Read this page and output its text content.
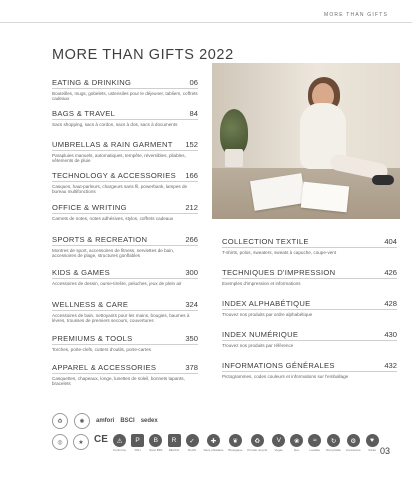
MORE THAN GIFTS
MORE THAN GIFTS 2022
EATING & DRINKING	06
Bouteilles, mugs, gobelets, ustensiles pour le déjeuner, tabliers, coffrets cadeaux
BAGS & TRAVEL	84
Sacs shopping, sacs à cordon, sacs à dos, sacs à documents
UMBRELLAS & RAIN GARMENT 152
Parapluies manuels, automatiques, tempête, réversibles, pliables, vêtements de pluie
TECHNOLOGY & ACCESSORIES 166
Casques, haut-parleurs, chargeurs sans fil, powerbank, lampes de bureau multifonctions
OFFICE & WRITING	212
Carnets de notes, notes adhésives, stylos, coffrets cadeaux
SPORTS & RECREATION	266
Montres de sport, accessoires de fitness, serviettes de bain, accessoires de plage, structures gonflables
KIDS & GAMES	300
Accessoires de dessin, ourse-tirelire, peluches, jeux de plein air
WELLNESS & CARE	324
Accessoires de bain, nettoyants pour les mains, bougies, baumes à lèvres, trousses de premiers secours, couvertures
PREMIUMS & TOOLS	350
Torches, porte-clefs, cutters d'outils, porte-cartes
APPAREL & ACCESSORIES	378
Casquettes, chapeaux, longe, lunettes de soleil, bonnets tapants, bracelets
COLLECTION TEXTILE	404
T-shirts, polos, sweaters, sweats à capuche, coupe-vent
TECHNIQUES D'IMPRESSION	426
Exemples d'impression et informations
INDEX ALPHABÉTIQUE	428
Trouvez nos produits par ordre alphabétique
INDEX NUMÉRIQUE	430
Trouvez nos produits par référence
INFORMATIONS GÉNÉRALES	432
Pictogrammes, codes couleurs et informations sur l'emballage
♻	✺	amfori BSCI sedex
◎	★	CE	⚠
Conforme
P
PAH
B
Sans BPA
R
REACH
✓
RoHS
✚
Sans phtalates
❦
Biologique
♻
Produit recyclé
V
Vegan
❀
Eco
≈
Lavable
↻
Recyclable
⚙
Accessoire
♥
Santé 03
